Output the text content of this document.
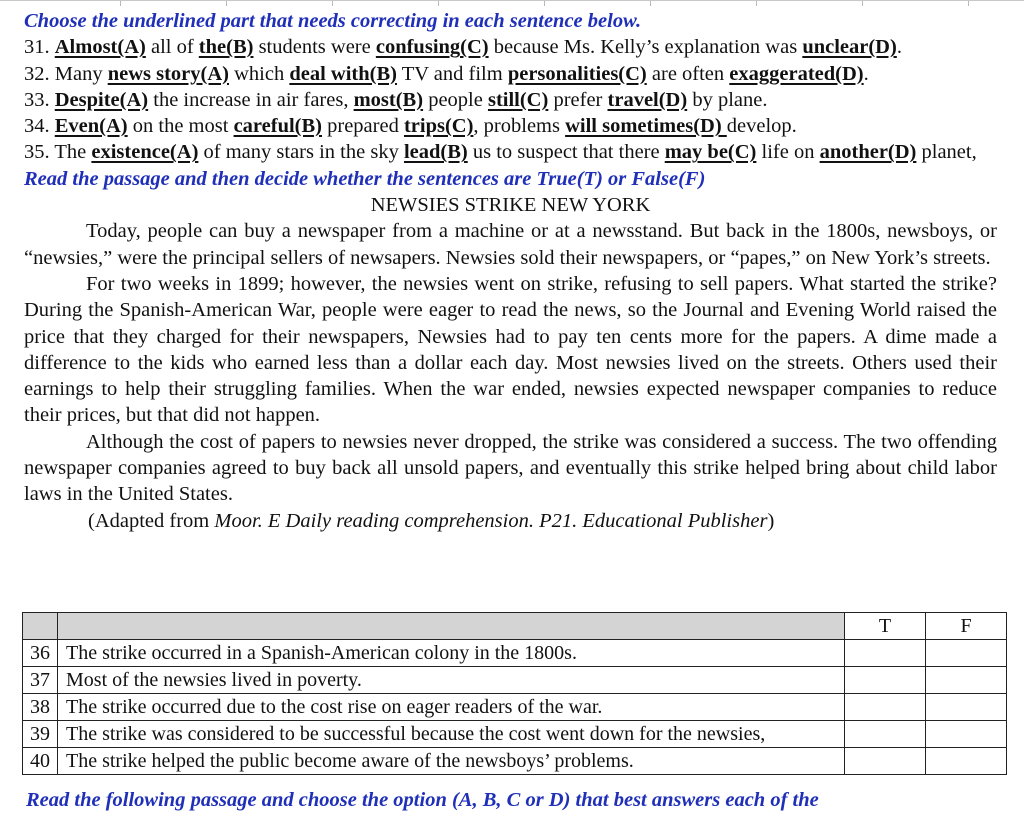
Choose the underlined part that needs correcting in each sentence below.
31. Almost(A) all of the(B) students were confusing(C) because Ms. Kelly’s explanation was unclear(D).
32. Many news story(A) which deal with(B) TV and film personalities(C) are often exaggerated(D).
33. Despite(A) the increase in air fares, most(B) people still(C) prefer travel(D) by plane.
34. Even(A) on the most careful(B) prepared trips(C), problems will sometimes(D) develop.
35. The existence(A) of many stars in the sky lead(B) us to suspect that there may be(C) life on another(D) planet,
Read the passage and then decide whether the sentences are True(T) or False(F)
NEWSIES STRIKE NEW YORK
Today, people can buy a newspaper from a machine or at a newsstand. But back in the 1800s, newsboys, or “newsies,” were the principal sellers of newsapers. Newsies sold their newspapers, or “papes,” on New York’s streets.
For two weeks in 1899; however, the newsies went on strike, refusing to sell papers. What started the strike? During the Spanish-American War, people were eager to read the news, so the Journal and Evening World raised the price that they charged for their newspapers, Newsies had to pay ten cents more for the papers. A dime made a difference to the kids who earned less than a dollar each day. Most newsies lived on the streets. Others used their earnings to help their struggling families. When the war ended, newsies expected newspaper companies to reduce their prices, but that did not happen.
Although the cost of papers to newsies never dropped, the strike was considered a success. The two offending newspaper companies agreed to buy back all unsold papers, and eventually this strike helped bring about child labor laws in the United States.
(Adapted from Moor. E Daily reading comprehension. P21. Educational Publisher)
		T	F
36	The strike occurred in a Spanish-American colony in the 1800s.		
37	Most of the newsies lived in poverty.		
38	The strike occurred due to the cost rise on eager readers of the war.		
39	The strike was considered to be successful because the cost went down for the newsies,		
40	The strike helped the public become aware of the newsboys’ problems.		
Read the following passage and choose the option (A, B, C or D) that best answers each of the
